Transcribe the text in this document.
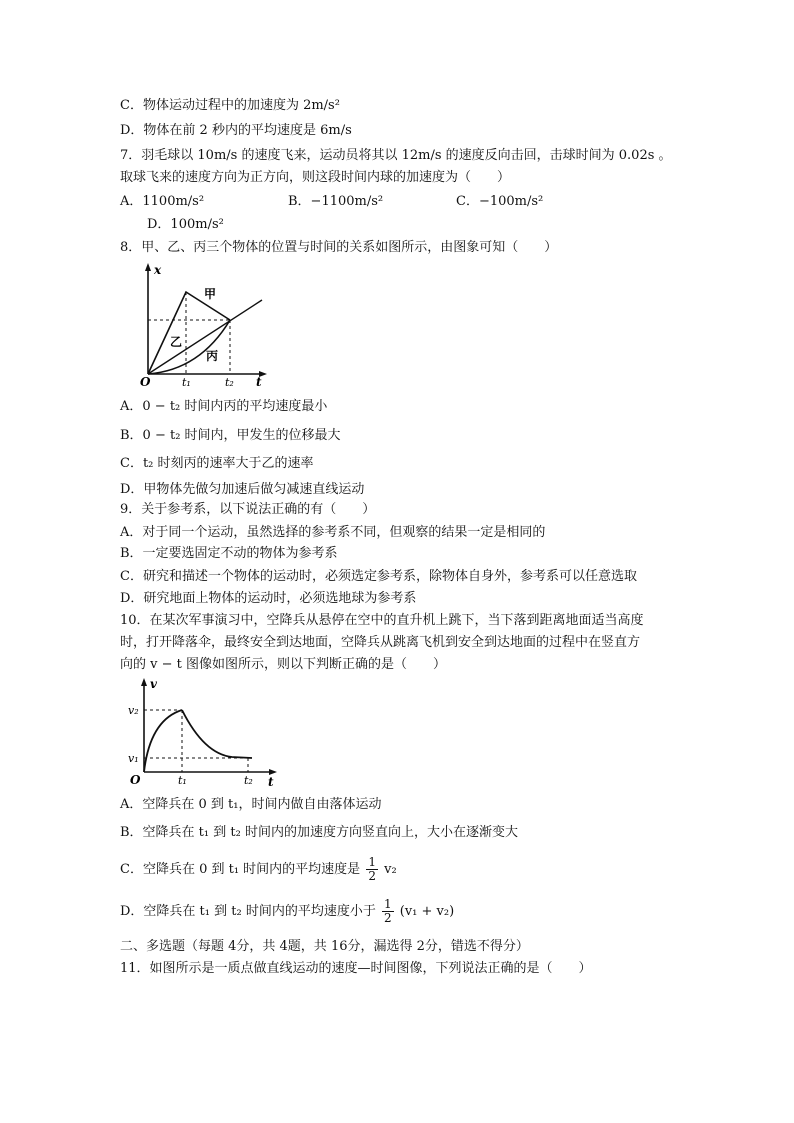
C．物体运动过程中的加速度为 2m/s²
D．物体在前 2 秒内的平均速度是 6m/s
7．羽毛球以 10m/s 的速度飞来，运动员将其以 12m/s 的速度反向击回，击球时间为 0.02s 。
取球飞来的速度方向为正方向，则这段时间内球的加速度为（　　）
A．1100m/s²	B．−1100m/s²	C．−100m/s²
D．100m/s²
8．甲、乙、丙三个物体的位置与时间的关系如图所示，由图象可知（　　）
x
t
O	t₁	t₂
甲
乙
丙
A．0 − t₂ 时间内丙的平均速度最小
B．0 − t₂ 时间内，甲发生的位移最大
C．t₂ 时刻丙的速率大于乙的速率
D．甲物体先做匀加速后做匀减速直线运动
9．关于参考系，以下说法正确的有（　　）
A．对于同一个运动，虽然选择的参考系不同，但观察的结果一定是相同的
B．一定要选固定不动的物体为参考系
C．研究和描述一个物体的运动时，必须选定参考系，除物体自身外，参考系可以任意选取
D．研究地面上物体的运动时，必须选地球为参考系
10．在某次军事演习中，空降兵从悬停在空中的直升机上跳下，当下落到距离地面适当高度
时，打开降落伞，最终安全到达地面，空降兵从跳离飞机到安全到达地面的过程中在竖直方
向的 v − t 图像如图所示，则以下判断正确的是（　　）
v
t
O
v₂
v₁
t₁	t₂
A．空降兵在 0 到 t₁，时间内做自由落体运动
B．空降兵在 t₁ 到 t₂ 时间内的加速度方向竖直向上，大小在逐渐变大
C．空降兵在 0 到 t₁ 时间内的平均速度是 $\frac{1}{2} v_2$
D．空降兵在 t₁ 到 t₂ 时间内的平均速度小于 $\frac{1}{2} (v_1 + v_2)$
二、多选题（每题 4分，共 4题，共 16分，漏选得 2分，错选不得分）
11．如图所示是一质点做直线运动的速度—时间图像，下列说法正确的是（　　）
